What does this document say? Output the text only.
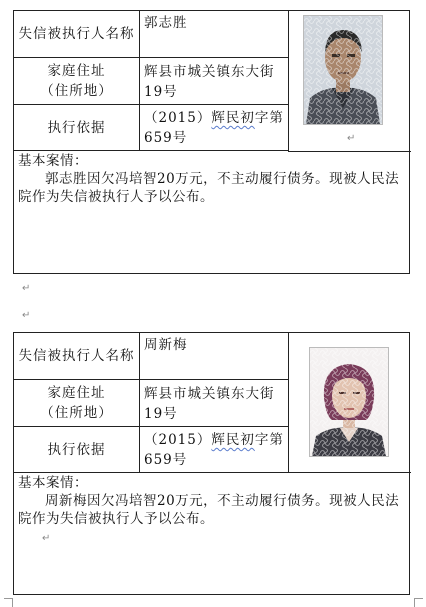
失信被执行人名称
郭志胜
家庭住址
（住所地）
辉县市城关镇东大街19号
执行依据
（2015）辉民初字第659号	↵
基本案情：
郭志胜因欠冯培智20万元，不主动履行债务。现被人民法院作为失信被执行人予以公布。
↵
↵
失信被执行人名称
周新梅
家庭住址
（住所地）
辉县市城关镇东大街19号
执行依据
（2015）辉民初字第659号
基本案情：
周新梅因欠冯培智20万元，不主动履行债务。现被人民法院作为失信被执行人予以公布。
↵
